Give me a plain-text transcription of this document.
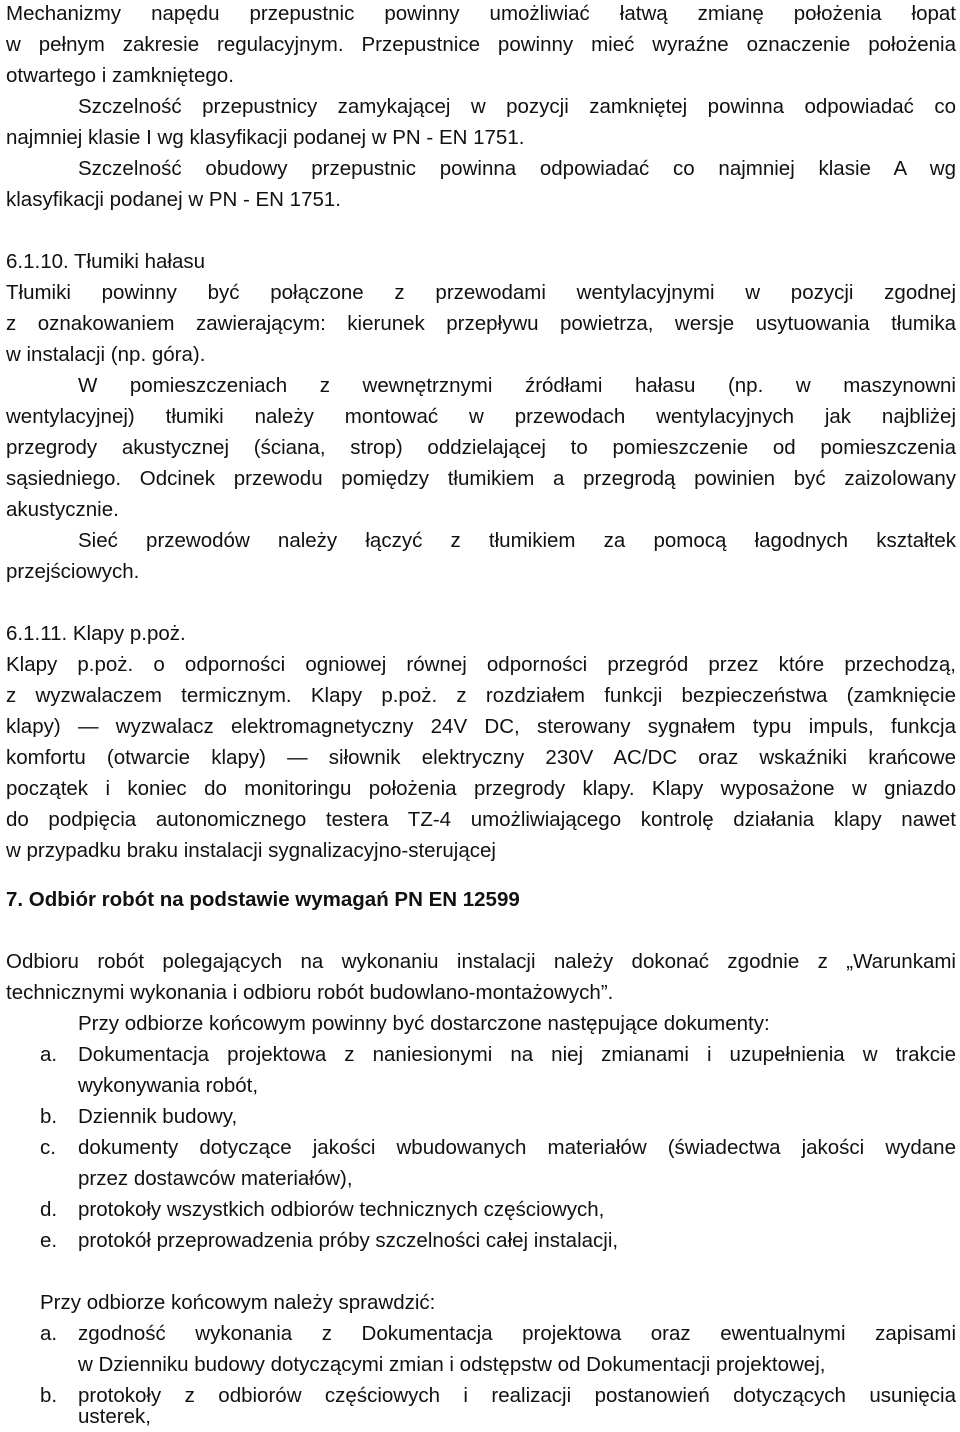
Mechanizmy napędu przepustnic powinny umożliwiać łatwą zmianę położenia łopat
w pełnym zakresie regulacyjnym. Przepustnice powinny mieć wyraźne oznaczenie położenia
otwartego i zamkniętego.
Szczelność przepustnicy zamykającej w pozycji zamkniętej powinna odpowiadać co
najmniej klasie I wg klasyfikacji podanej w PN - EN 1751.
Szczelność obudowy przepustnic powinna odpowiadać co najmniej klasie A wg
klasyfikacji podanej w PN - EN 1751.
6.1.10. Tłumiki hałasu
Tłumiki powinny być połączone z przewodami wentylacyjnymi w pozycji zgodnej
z oznakowaniem zawierającym: kierunek przepływu powietrza, wersje usytuowania tłumika
w instalacji (np. góra).
W pomieszczeniach z wewnętrznymi źródłami hałasu (np. w maszynowni
wentylacyjnej) tłumiki należy montować w przewodach wentylacyjnych jak najbliżej
przegrody akustycznej (ściana, strop) oddzielającej to pomieszczenie od pomieszczenia
sąsiedniego. Odcinek przewodu pomiędzy tłumikiem a przegrodą powinien być zaizolowany
akustycznie.
Sieć przewodów należy łączyć z tłumikiem za pomocą łagodnych kształtek
przejściowych.
6.1.11. Klapy p.poż.
Klapy p.poż. o odporności ogniowej równej odporności przegród przez które przechodzą,
z wyzwalaczem termicznym. Klapy p.poż. z rozdziałem funkcji bezpieczeństwa (zamknięcie
klapy) — wyzwalacz elektromagnetyczny 24V DC, sterowany sygnałem typu impuls, funkcja
komfortu (otwarcie klapy) — siłownik elektryczny 230V AC/DC oraz wskaźniki krańcowe
początek i koniec do monitoringu położenia przegrody klapy. Klapy wyposażone w gniazdo
do podpięcia autonomicznego testera TZ-4 umożliwiającego kontrolę działania klapy nawet
w przypadku braku instalacji sygnalizacyjno-sterującej
7. Odbiór robót na podstawie wymagań PN EN 12599
Odbioru robót polegających na wykonaniu instalacji należy dokonać zgodnie z „Warunkami
technicznymi wykonania i odbioru robót budowlano-montażowych”.
Przy odbiorze końcowym powinny być dostarczone następujące dokumenty:
a. Dokumentacja projektowa z naniesionymi na niej zmianami i uzupełnienia w trakcie
wykonywania robót,
b. Dziennik budowy,
c. dokumenty dotyczące jakości wbudowanych materiałów (świadectwa jakości wydane
przez dostawców materiałów),
d. protokoły wszystkich odbiorów technicznych częściowych,
e. protokół przeprowadzenia próby szczelności całej instalacji,
Przy odbiorze końcowym należy sprawdzić:
a. zgodność wykonania z Dokumentacja projektowa oraz ewentualnymi zapisami
w Dzienniku budowy dotyczącymi zmian i odstępstw od Dokumentacji projektowej,
b. protokoły z odbiorów częściowych i realizacji postanowień dotyczących usunięcia
usterek,
